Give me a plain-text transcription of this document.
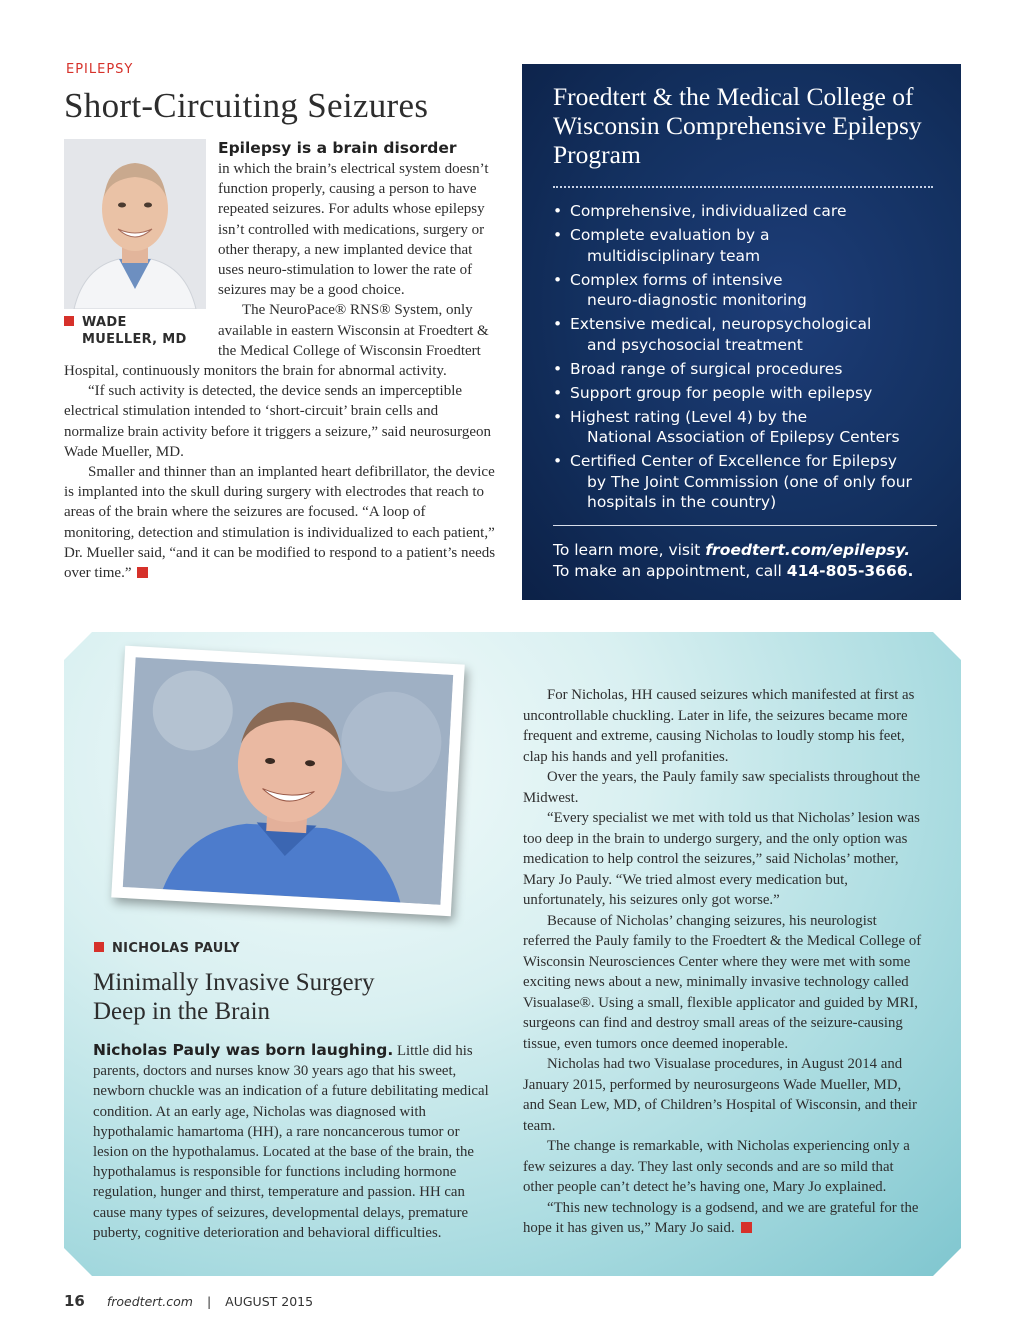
EPILEPSY
Short-Circuiting Seizures
WADE
MUELLER, MD

Epilepsy is a brain disorder
in which the brain’s electrical system doesn’t function properly, causing a person to have repeated seizures. For adults whose epilepsy isn’t controlled with medications, surgery or other therapy, a new implanted device that uses neuro-stimulation to lower the rate of seizures may be a good choice.

The NeuroPace® RNS® System, only available in eastern Wisconsin at Froedtert & the Medical College of Wisconsin Froedtert Hospital, continuously monitors the brain for abnormal activity.

“If such activity is detected, the device sends an imperceptible electrical stimulation intended to ‘short-circuit’ brain cells and normalize brain activity before it triggers a seizure,” said neurosurgeon Wade Mueller, MD.

Smaller and thinner than an implanted heart defibrillator, the device is implanted into the skull during surgery with electrodes that reach to areas of the brain where the seizures are focused. “A loop of monitoring, detection and stimulation is individualized to each patient,” Dr. Mueller said, “and it can be modified to respond to a patient’s needs over time.”

Froedtert & the Medical College of Wisconsin Comprehensive Epilepsy Program
• Comprehensive, individualized care
• Complete evaluation by a
multidisciplinary team
• Complex forms of intensive
neuro-diagnostic monitoring
• Extensive medical, neuropsychological
and psychosocial treatment
• Broad range of surgical procedures
• Support group for people with epilepsy
• Highest rating (Level 4) by the
National Association of Epilepsy Centers
• Certified Center of Excellence for Epilepsy
by The Joint Commission (one of only four hospitals in the country)
To learn more, visit froedtert.com/epilepsy.
To make an appointment, call 414-805-3666.
NICHOLAS PAULY
Minimally Invasive Surgery
Deep in the Brain

Nicholas Pauly was born laughing. Little did his parents, doctors and nurses know 30 years ago that his sweet, newborn chuckle was an indication of a future debilitating medical condition. At an early age, Nicholas was diagnosed with hypothalamic hamartoma (HH), a rare noncancerous tumor or lesion on the hypothalamus. Located at the base of the brain, the hypothalamus is responsible for functions including hormone regulation, hunger and thirst, temperature and passion. HH can cause many types of seizures, developmental delays, premature puberty, cognitive deterioration and behavioral difficulties.

For Nicholas, HH caused seizures which manifested at first as uncontrollable chuckling. Later in life, the seizures became more frequent and extreme, causing Nicholas to loudly stomp his feet, clap his hands and yell profanities.

Over the years, the Pauly family saw specialists throughout the Midwest.

“Every specialist we met with told us that Nicholas’ lesion was too deep in the brain to undergo surgery, and the only option was medication to help control the seizures,” said Nicholas’ mother, Mary Jo Pauly. “We tried almost every medication but, unfortunately, his seizures only got worse.”

Because of Nicholas’ changing seizures, his neurologist referred the Pauly family to the Froedtert & the Medical College of Wisconsin Neurosciences Center where they were met with some exciting news about a new, minimally invasive technology called Visualase®. Using a small, flexible applicator and guided by MRI, surgeons can find and destroy small areas of the seizure-causing tissue, even tumors once deemed inoperable.

Nicholas had two Visualase procedures, in August 2014 and January 2015, performed by neurosurgeons Wade Mueller, MD, and Sean Lew, MD, of Children’s Hospital of Wisconsin, and their team.

The change is remarkable, with Nicholas experiencing only a few seizures a day. They last only seconds and are so mild that other people can’t detect he’s having one, Mary Jo explained.

“This new technology is a godsend, and we are grateful for the hope it has given us,” Mary Jo said.

16 froedtert.com | AUGUST 2015
